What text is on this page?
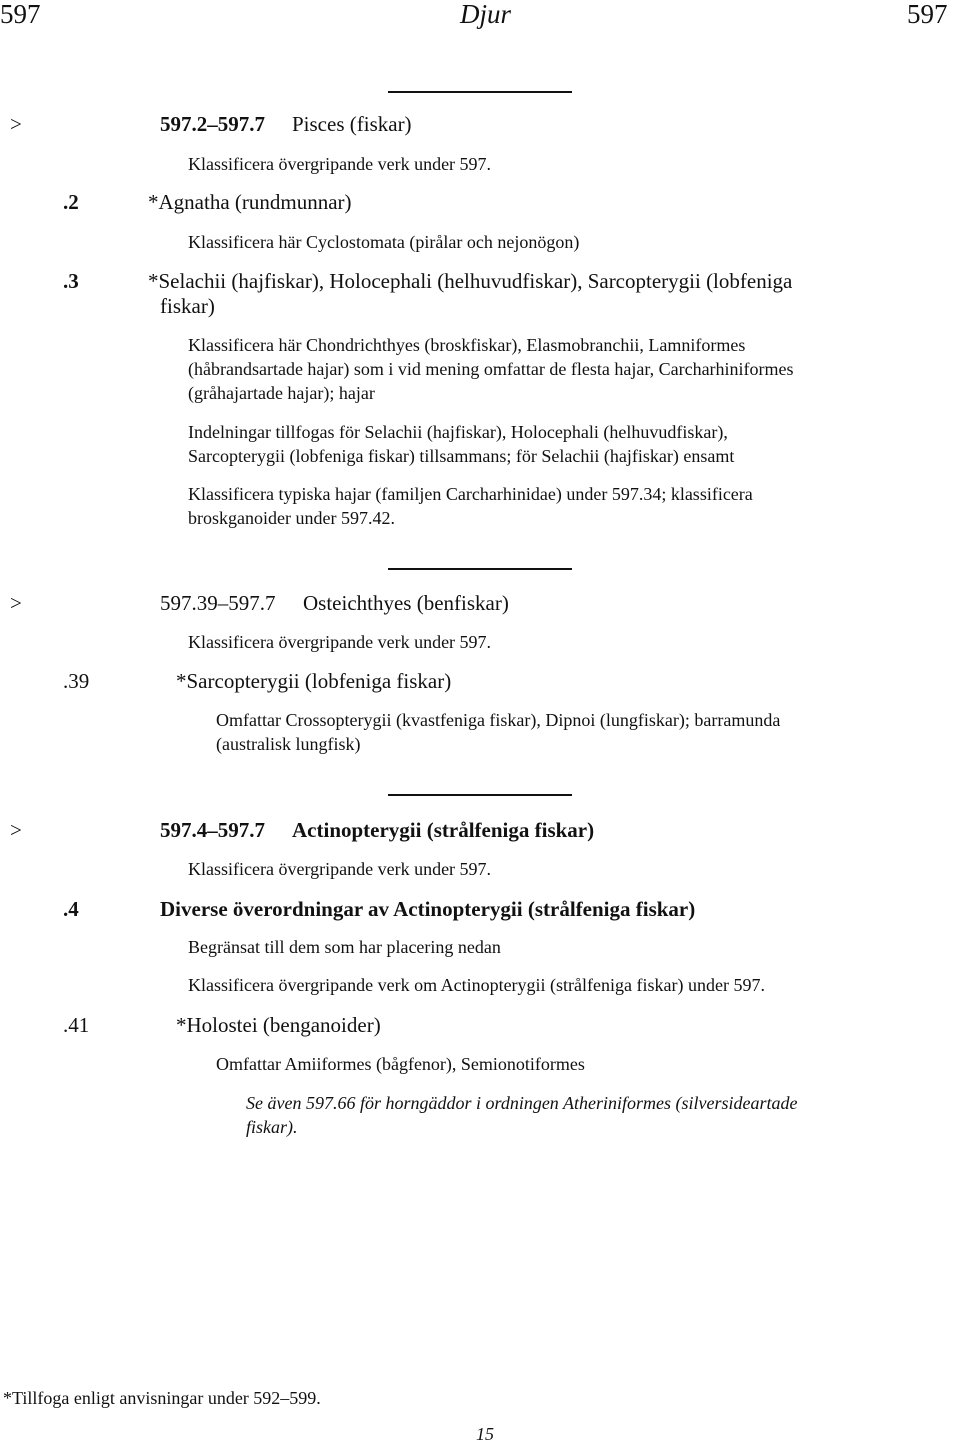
597	Djur	597
>	597.2–597.7 Pisces (fiskar)
Klassificera övergripande verk under 597.
.2	*Agnatha (rundmunnar)
Klassificera här Cyclostomata (pirålar och nejonögon)
.3	*Selachii (hajfiskar), Holocephali (helhuvudfiskar), Sarcopterygii (lobfeniga
fiskar)
Klassificera här Chondrichthyes (broskfiskar), Elasmobranchii, Lamniformes
(håbrandsartade hajar) som i vid mening omfattar de flesta hajar, Carcharhiniformes
(gråhajartade hajar); hajar
Indelningar tillfogas för Selachii (hajfiskar), Holocephali (helhuvudfiskar),
Sarcopterygii (lobfeniga fiskar) tillsammans; för Selachii (hajfiskar) ensamt
Klassificera typiska hajar (familjen Carcharhinidae) under 597.34; klassificera
broskganoider under 597.42.
>	597.39–597.7 Osteichthyes (benfiskar)
Klassificera övergripande verk under 597.
.39	*Sarcopterygii (lobfeniga fiskar)
Omfattar Crossopterygii (kvastfeniga fiskar), Dipnoi (lungfiskar); barramunda
(australisk lungfisk)
>	597.4–597.7 Actinopterygii (strålfeniga fiskar)
Klassificera övergripande verk under 597.
.4	Diverse överordningar av Actinopterygii (strålfeniga fiskar)
Begränsat till dem som har placering nedan
Klassificera övergripande verk om Actinopterygii (strålfeniga fiskar) under 597.
.41	*Holostei (benganoider)
Omfattar Amiiformes (bågfenor), Semionotiformes
Se även 597.66 för horngäddor i ordningen Atheriniformes (silversideartade
fiskar).
*Tillfoga enligt anvisningar under 592–599.
15
